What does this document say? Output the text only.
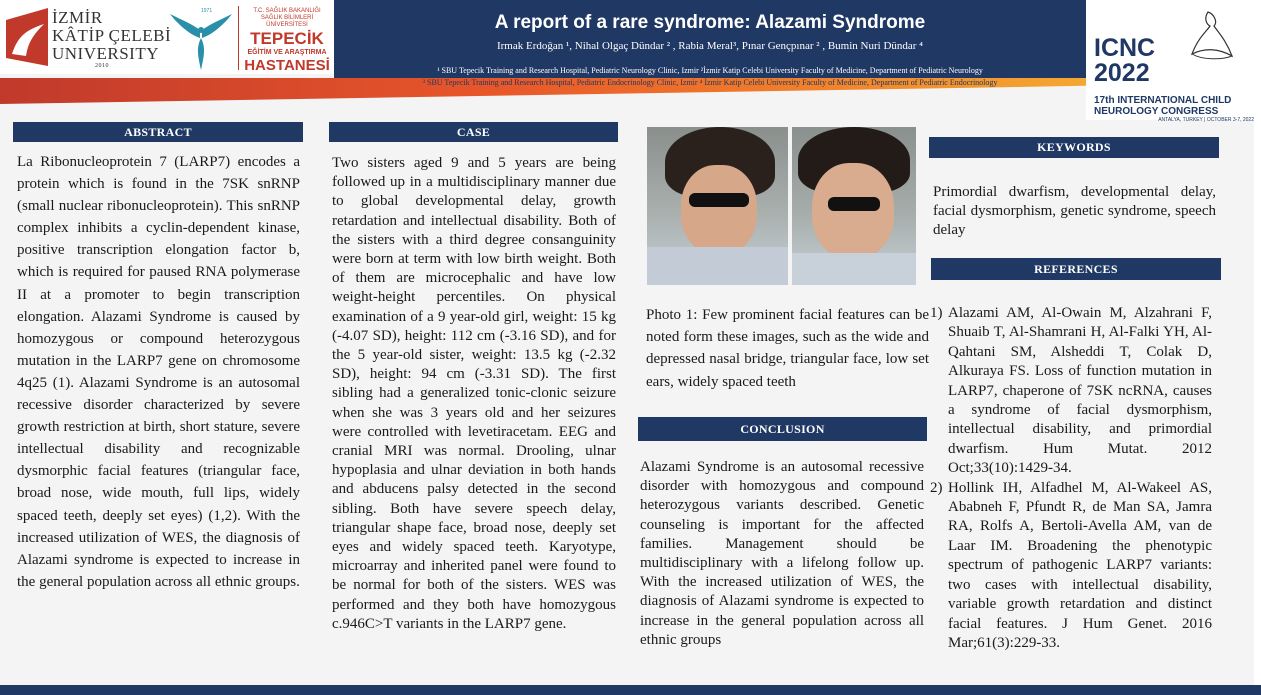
İZMİR
KÂTİP ÇELEBİ
UNIVERSITY
2010
1971	T.C. SAĞLIK BAKANLIĞI
SAĞLIK BİLİMLERİ ÜNİVERSİTESİ
TEPECİK
EĞİTİM VE ARAŞTIRMA
HASTANESİ
A report of a rare syndrome: Alazami Syndrome
Irmak Erdoğan ¹, Nihal Olgaç Dündar ² , Rabia Meral³, Pınar Gençpınar ² , Bumin Nuri Dündar ⁴
¹ SBU Tepecik Training and Research Hospital, Pediatric Neurology Clinic, Izmir ²İzmir Katip Celebi University Faculty of Medicine, Department of Pediatric Neurology
³ SBU Tepecik Training and Research Hospital, Pediatric Endocrinology Clinic, Izmir ⁴ İzmir Katip Celebi University Faculty of Medicine, Department of Pediatric Endocrinology
ICNC 2022
17th INTERNATIONAL CHILD
NEUROLOGY CONGRESS
ANTALYA, TURKEY | OCTOBER 3-7, 2022
ABSTRACT
La Ribonucleoprotein 7 (LARP7) encodes a protein which is found in the 7SK snRNP (small nuclear ribonucleoprotein). This snRNP complex inhibits a cyclin-dependent kinase, positive transcription elongation factor b, which is required for paused RNA polymerase II at a promoter to begin transcription elongation. Alazami Syndrome is caused by homozygous or compound heterozygous mutation in the LARP7 gene on chromosome 4q25 (1). Alazami Syndrome is an autosomal recessive disorder characterized by severe growth restriction at birth, short stature, severe intellectual disability and recognizable dysmorphic facial features (triangular face, broad nose, wide mouth, full lips, widely spaced teeth, deeply set eyes) (1,2). With the increased utilization of WES, the diagnosis of Alazami syndrome is expected to increase in the general population across all ethnic groups.
CASE
Two sisters aged 9 and 5 years are being followed up in a multidisciplinary manner due to global developmental delay, growth retardation and intellectual disability. Both of the sisters with a third degree consanguinity were born at term with low birth weight. Both of them are microcephalic and have low weight-height percentiles. On physical examination of a 9 year-old girl, weight: 15 kg (-4.07 SD), height: 112 cm (-3.16 SD), and for the 5 year-old sister, weight: 13.5 kg (-2.32 SD), height: 94 cm (-3.31 SD). The first sibling had a generalized tonic-clonic seizure when she was 3 years old and her seizures were controlled with levetiracetam. EEG and cranial MRI was normal. Drooling, ulnar hypoplasia and ulnar deviation in both hands and abducens palsy detected in the second sibling. Both have severe speech delay, triangular shape face, broad nose, deeply set eyes and widely spaced teeth. Karyotype, microarray and inherited panel were found to be normal for both of the sisters. WES was performed and they both have homozygous c.946C>T variants in the LARP7 gene.
Photo 1: Few prominent facial features can be noted form these images, such as the wide and depressed nasal bridge, triangular face, low set ears, widely spaced teeth
CONCLUSION
Alazami Syndrome is an autosomal recessive disorder with homozygous and compound heterozygous variants described. Genetic counseling is important for the affected families. Management should be multidisciplinary with a lifelong follow up. With the increased utilization of WES, the diagnosis of Alazami syndrome is expected to increase in the general population across all ethnic groups
KEYWORDS
Primordial dwarfism, developmental delay, facial dysmorphism, genetic syndrome, speech delay
REFERENCES
1) Alazami AM, Al-Owain M, Alzahrani F, Shuaib T, Al-Shamrani H, Al-Falki YH, Al-Qahtani SM, Alsheddi T, Colak D, Alkuraya FS. Loss of function mutation in LARP7, chaperone of 7SK ncRNA, causes a syndrome of facial dysmorphism, intellectual disability, and primordial dwarfism. Hum Mutat. 2012 Oct;33(10):1429-34.
2) Hollink IH, Alfadhel M, Al-Wakeel AS, Ababneh F, Pfundt R, de Man SA, Jamra RA, Rolfs A, Bertoli-Avella AM, van de Laar IM. Broadening the phenotypic spectrum of pathogenic LARP7 variants: two cases with intellectual disability, variable growth retardation and distinct facial features. J Hum Genet. 2016 Mar;61(3):229-33.
